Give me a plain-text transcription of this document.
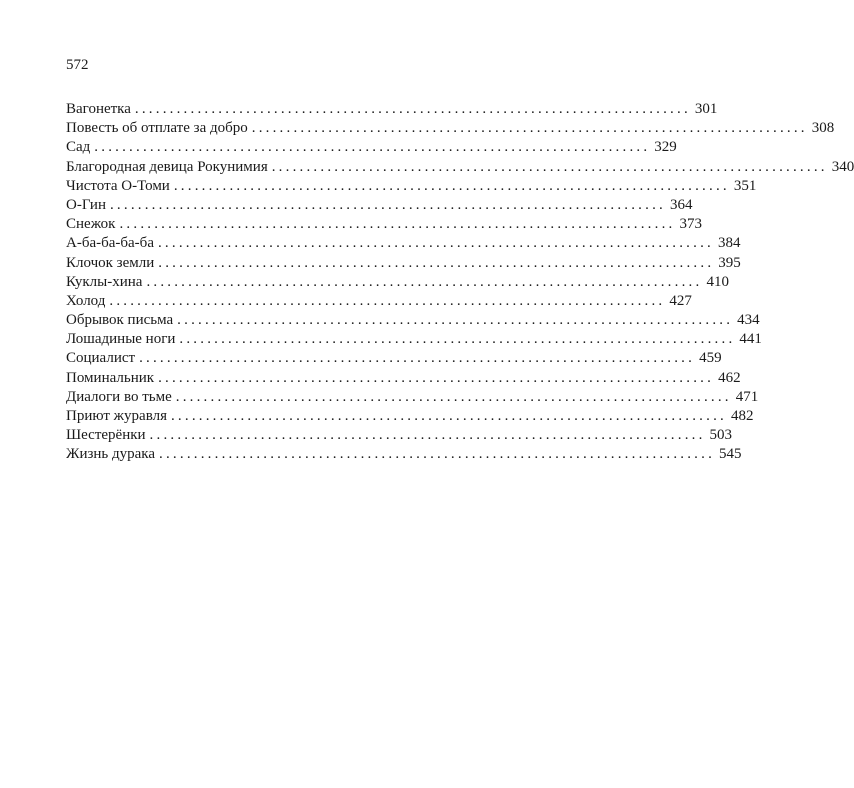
572
Вагонетка ................................................................................ 301
Повесть об отплате за добро ................................................................................ 308
Сад ................................................................................ 329
Благородная девица Рокунимия ................................................................................ 340
Чистота О-Томи ................................................................................ 351
О-Гин ................................................................................ 364
Снежок ................................................................................ 373
А-ба-ба-ба-ба ................................................................................ 384
Клочок земли ................................................................................ 395
Куклы-хина ................................................................................ 410
Холод ................................................................................ 427
Обрывок письма ................................................................................ 434
Лошадиные ноги ................................................................................ 441
Социалист ................................................................................ 459
Поминальник ................................................................................ 462
Диалоги во тьме ................................................................................ 471
Приют журавля ................................................................................ 482
Шестерёнки ................................................................................ 503
Жизнь дурака ................................................................................ 545
